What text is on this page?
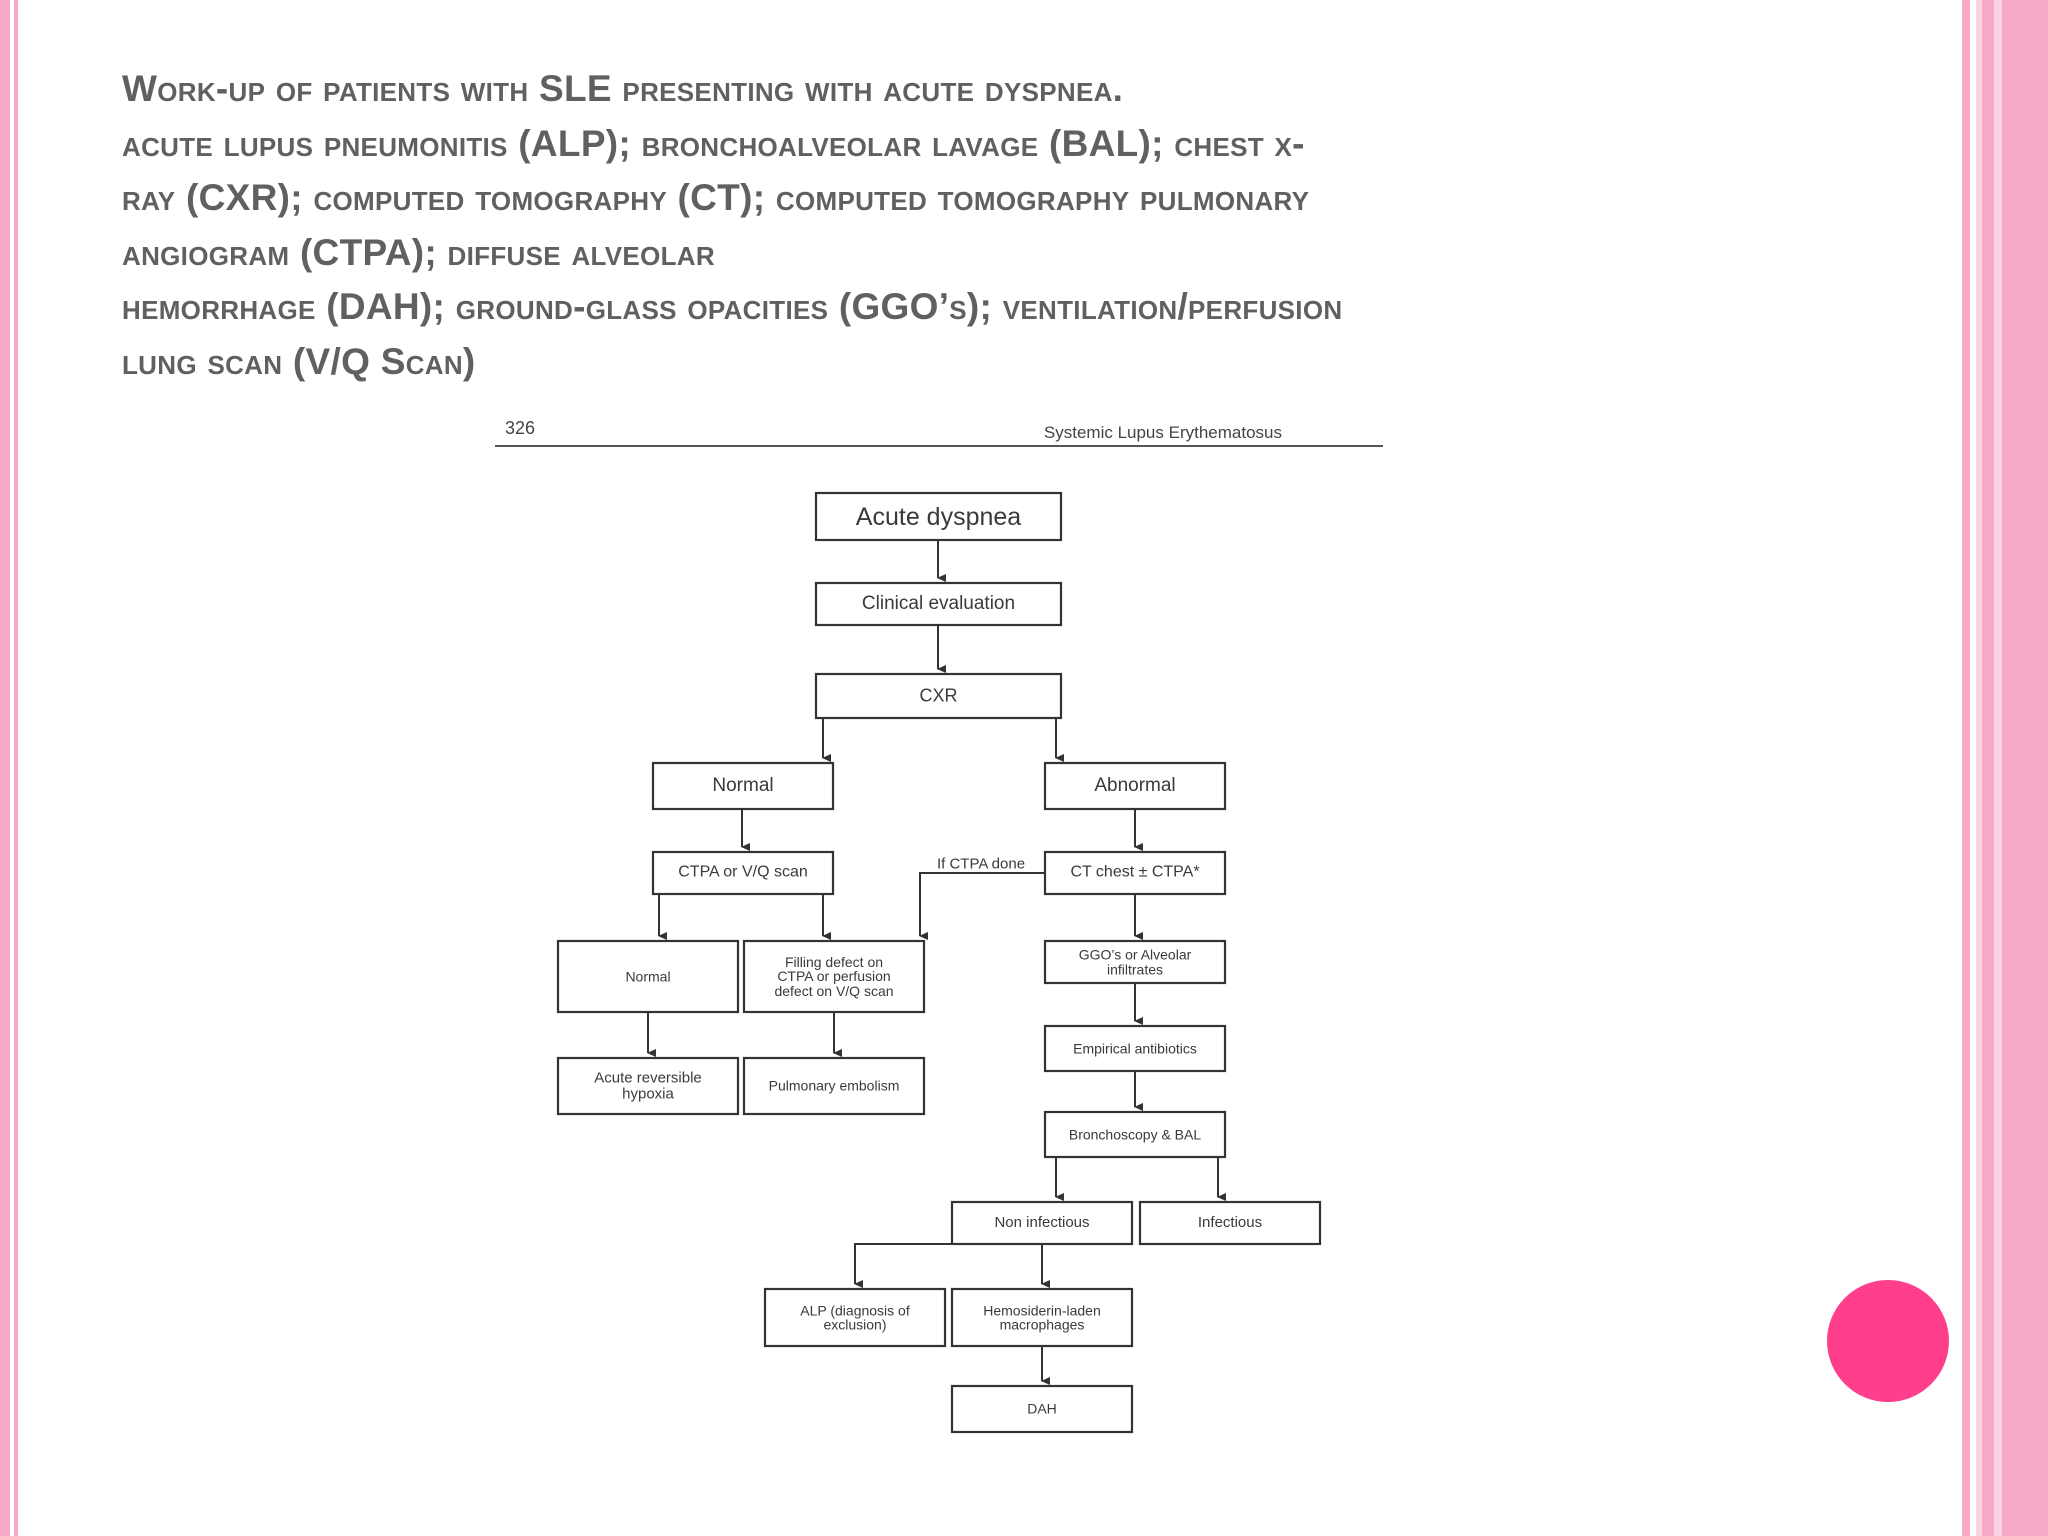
Work-up of patients with SLE presenting with acute dyspnea.
acute lupus pneumonitis (ALP); bronchoalveolar lavage (BAL); chest x-
ray (CXR); computed tomography (CT); computed tomography pulmonary
angiogram (CTPA); diffuse alveolar
hemorrhage (DAH); ground-glass opacities (GGO’s); ventilation/perfusion
lung scan (V/Q Scan)
326	Systemic Lupus Erythematosus
If CTPA done
Acute dyspnea
Clinical evaluation
CXR
Normal	Abnormal
CTPA or V/Q scan	CT chest ± CTPA*
Normal
Filling defect on
CTPA or perfusion
defect on V/Q scan
GGO’s or Alveolar
infiltrates
Acute reversible
hypoxia	Pulmonary embolism
Empirical antibiotics
Bronchoscopy & BAL
Non infectious	Infectious
ALP (diagnosis of
exclusion)
Hemosiderin-laden
macrophages
DAH
